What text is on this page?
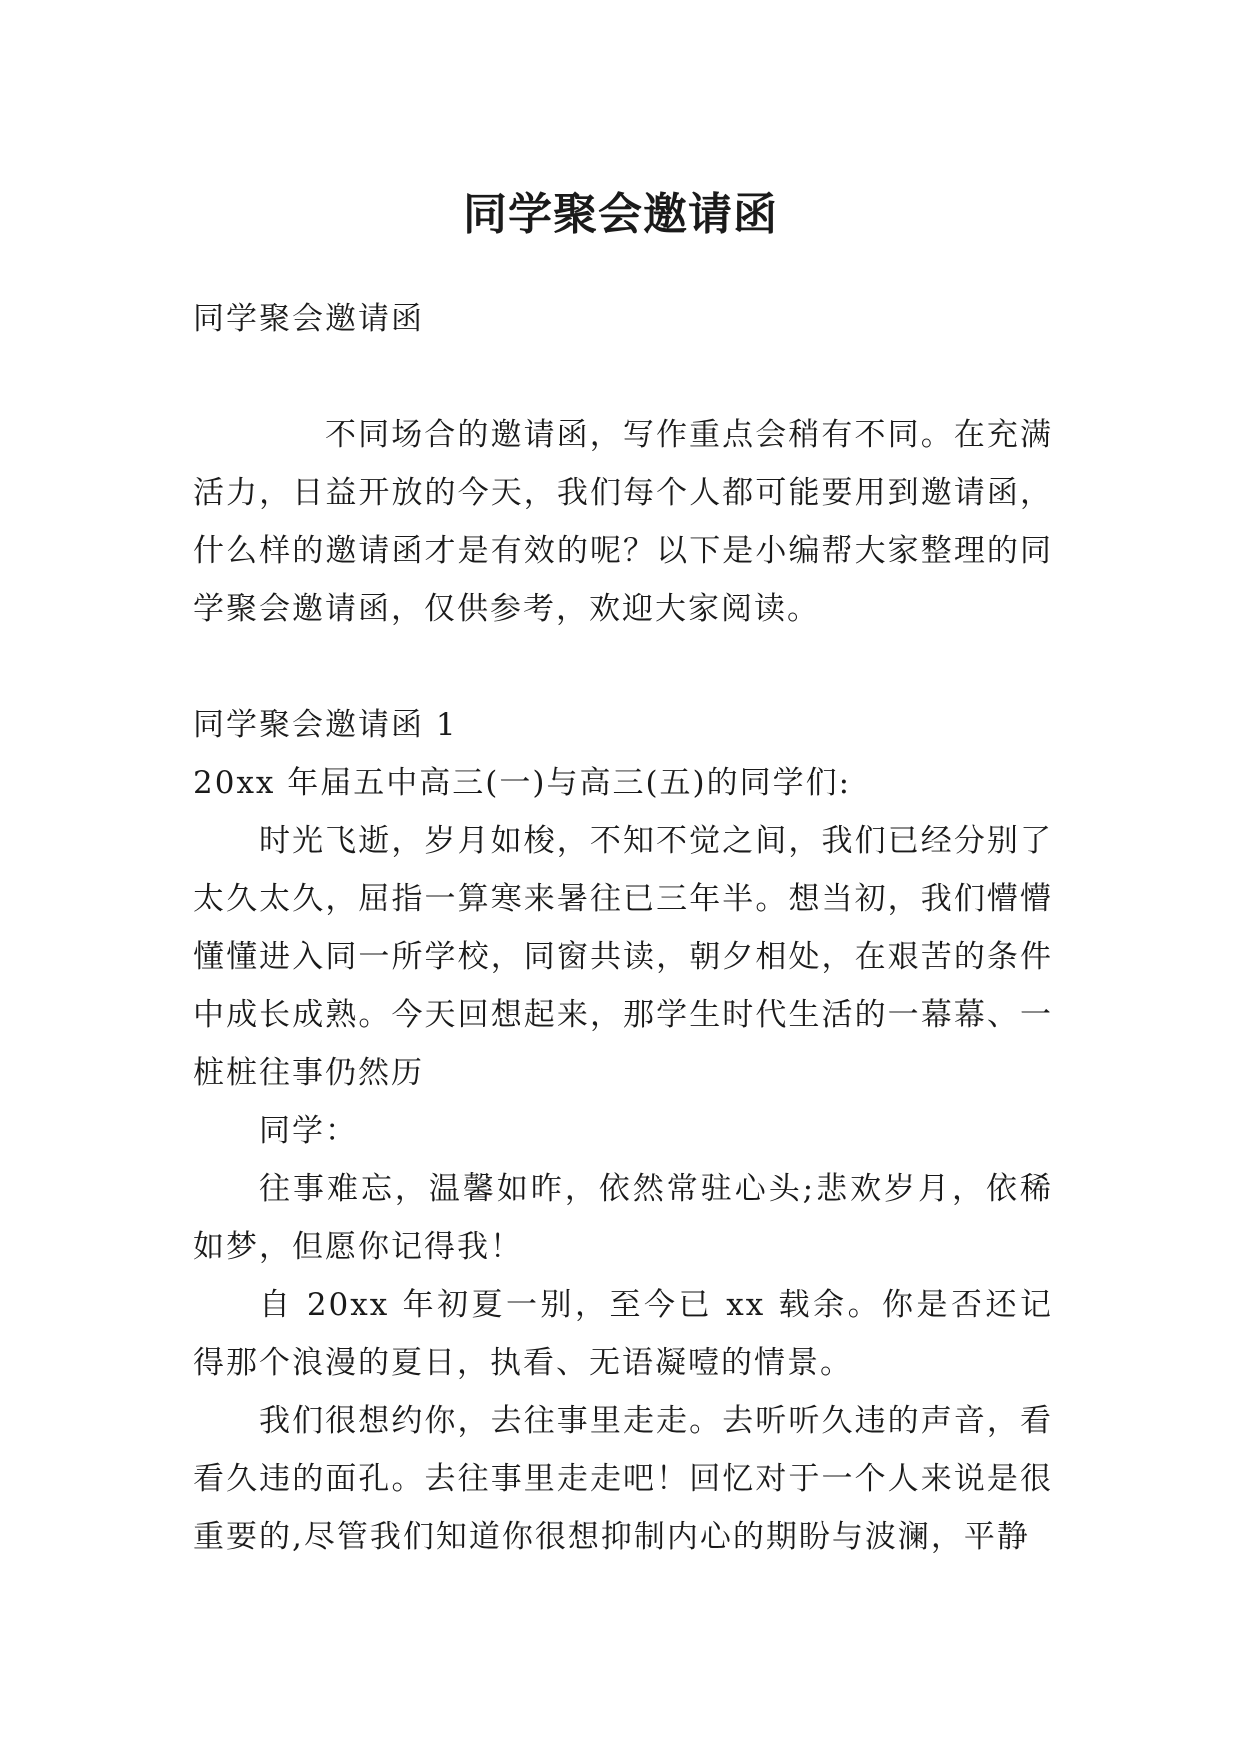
同学聚会邀请函

同学聚会邀请函

不同场合的邀请函，写作重点会稍有不同。在充满活力，日益开放的今天，我们每个人都可能要用到邀请函，什么样的邀请函才是有效的呢？以下是小编帮大家整理的同学聚会邀请函，仅供参考，欢迎大家阅读。

同学聚会邀请函 1

20xx 年届五中高三(一)与高三(五)的同学们:

时光飞逝，岁月如梭，不知不觉之间，我们已经分别了太久太久，屈指一算寒来暑往已三年半。想当初，我们懵懵懂懂进入同一所学校，同窗共读，朝夕相处，在艰苦的条件中成长成熟。今天回想起来，那学生时代生活的一幕幕、一桩桩往事仍然历

同学：

往事难忘，温馨如昨，依然常驻心头;悲欢岁月，依稀如梦，但愿你记得我！

自 20xx 年初夏一别，至今已 xx 载余。你是否还记得那个浪漫的夏日，执看、无语凝噎的情景。

我们很想约你，去往事里走走。去听听久违的声音，看看久违的面孔。去往事里走走吧！回忆对于一个人来说是很重要的,尽管我们知道你很想抑制内心的期盼与波澜，平静
